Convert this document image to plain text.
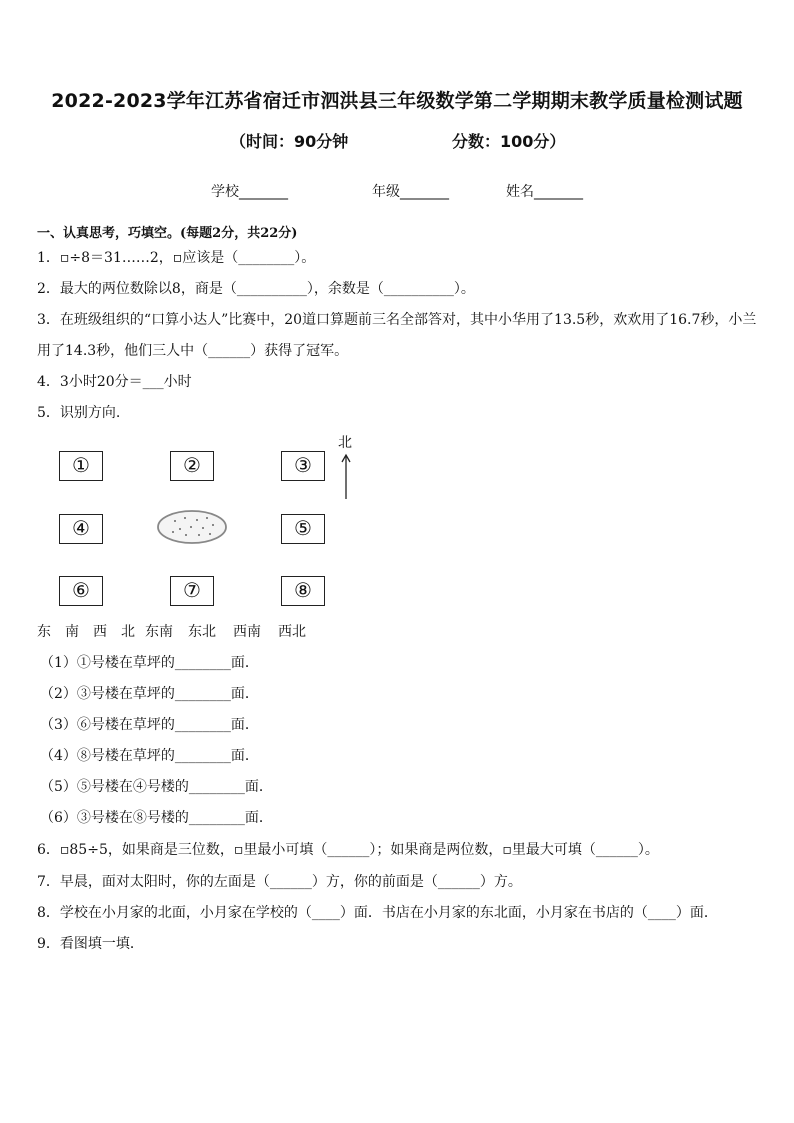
2022-2023学年江苏省宿迁市泗洪县三年级数学第二学期期末教学质量检测试题
（时间：90分钟	分数：100分）
学校_______	年级_______	姓名_______
一、认真思考，巧填空。(每题2分，共22分)
1．▫÷8＝31……2，▫应该是（________）。
2．最大的两位数除以8，商是（__________），余数是（__________）。
3．在班级组织的“口算小达人”比赛中，20道口算题前三名全部答对，其中小华用了13.5秒，欢欢用了16.7秒，小兰
用了14.3秒，他们三人中（______）获得了冠军。
4．3小时20分＝___小时
5．识别方向.
①	②	③
④	⑤
⑥	⑦	⑧
北
东 南 西 北 东南 东北 西南 西北
（1）①号楼在草坪的________面．
（2）③号楼在草坪的________面．
（3）⑥号楼在草坪的________面．
（4）⑧号楼在草坪的________面．
（5）⑤号楼在④号楼的________面．
（6）③号楼在⑧号楼的________面．
6．▫85÷5，如果商是三位数，▫里最小可填（______）；如果商是两位数，▫里最大可填（______）。
7．早晨，面对太阳时，你的左面是（______）方，你的前面是（______）方。
8．学校在小月家的北面，小月家在学校的（____）面．书店在小月家的东北面，小月家在书店的（____）面．
9．看图填一填．
